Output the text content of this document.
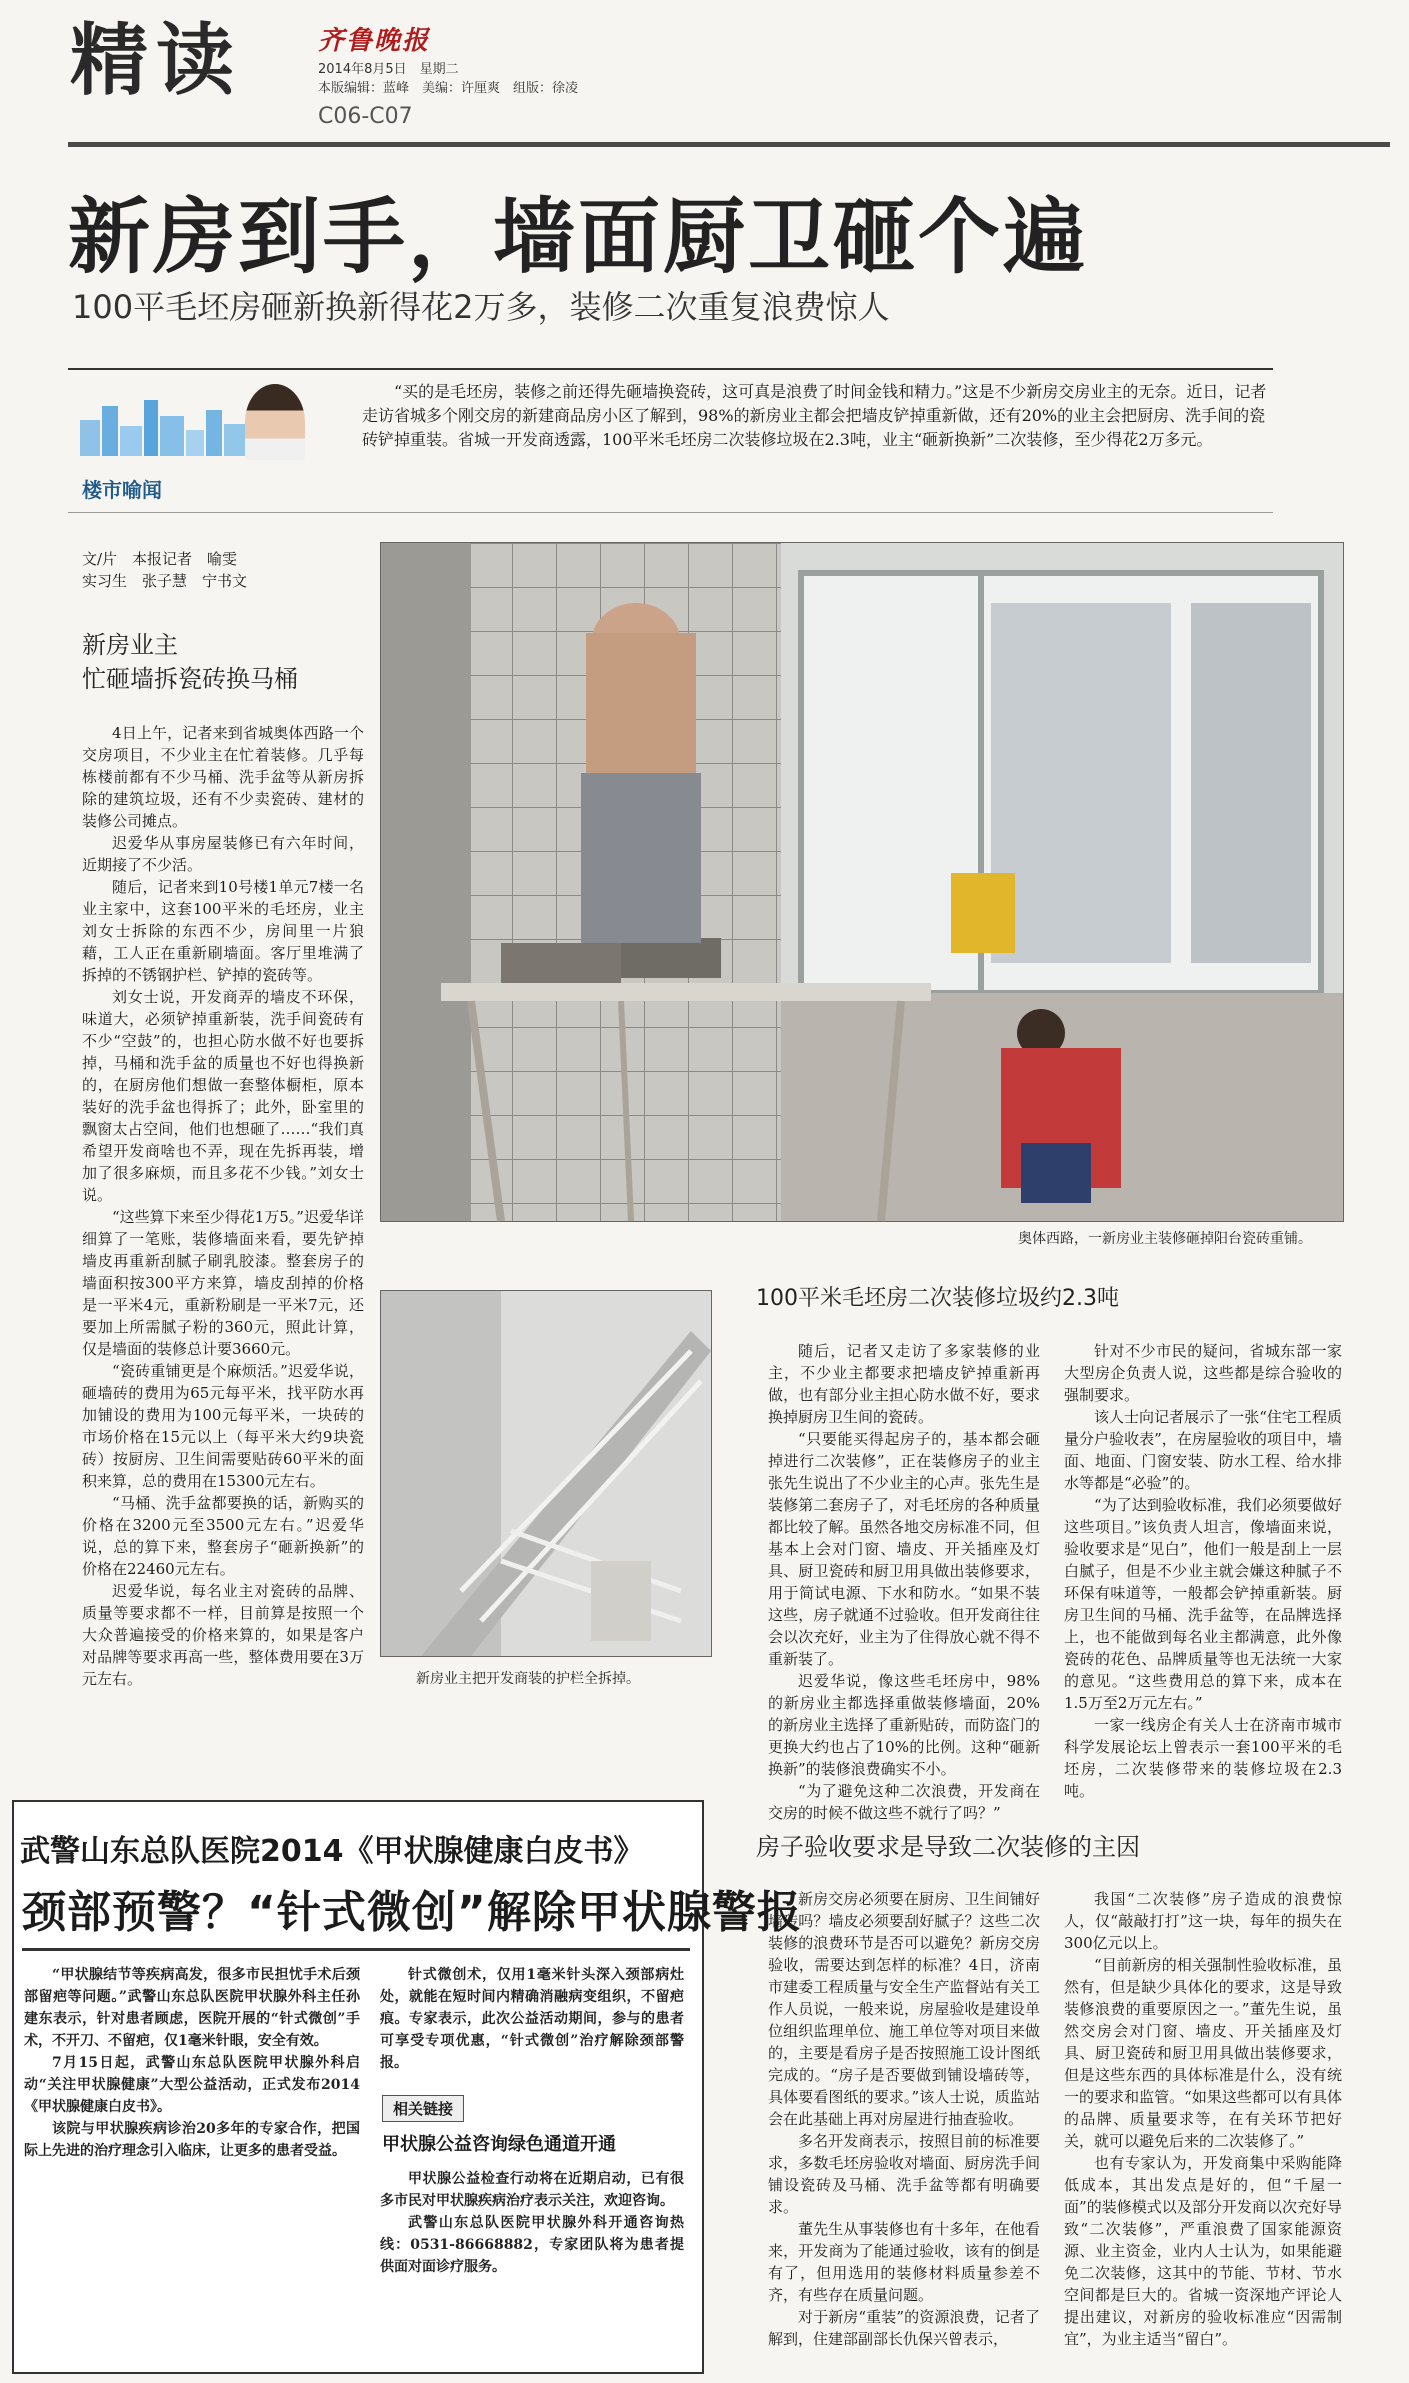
精读	齐鲁晚报
2014年8月5日　星期二
本版编辑：蓝峰　美编：许厘爽　组版：徐凌
C06-C07
新房到手，墙面厨卫砸个遍
100平毛坯房砸新换新得花2万多，装修二次重复浪费惊人
“买的是毛坯房，装修之前还得先砸墙换瓷砖，这可真是浪费了时间金钱和精力。”这是不少新房交房业主的无奈。近日，记者走访省城多个刚交房的新建商品房小区了解到，98%的新房业主都会把墙皮铲掉重新做，还有20%的业主会把厨房、洗手间的瓷砖铲掉重装。省城一开发商透露，100平米毛坯房二次装修垃圾在2.3吨，业主“砸新换新”二次装修，至少得花2万多元。
楼市喻闻
文/片　本报记者　喻雯
实习生　张子慧　宁书文
新房业主
忙砸墙拆瓷砖换马桶

4日上午，记者来到省城奥体西路一个交房项目，不少业主在忙着装修。几乎每栋楼前都有不少马桶、洗手盆等从新房拆除的建筑垃圾，还有不少卖瓷砖、建材的装修公司摊点。

迟爱华从事房屋装修已有六年时间，近期接了不少活。

随后，记者来到10号楼1单元7楼一名业主家中，这套100平米的毛坯房，业主刘女士拆除的东西不少，房间里一片狼藉，工人正在重新刷墙面。客厅里堆满了拆掉的不锈钢护栏、铲掉的瓷砖等。

刘女士说，开发商弄的墙皮不环保，味道大，必须铲掉重新装，洗手间瓷砖有不少“空鼓”的，也担心防水做不好也要拆掉，马桶和洗手盆的质量也不好也得换新的，在厨房他们想做一套整体橱柜，原本装好的洗手盆也得拆了；此外，卧室里的飘窗太占空间，他们也想砸了……“我们真希望开发商啥也不弄，现在先拆再装，增加了很多麻烦，而且多花不少钱。”刘女士说。

“这些算下来至少得花1万5。”迟爱华详细算了一笔账，装修墙面来看，要先铲掉墙皮再重新刮腻子刷乳胶漆。整套房子的墙面积按300平方来算，墙皮刮掉的价格是一平米4元，重新粉刷是一平米7元，还要加上所需腻子粉的360元，照此计算，仅是墙面的装修总计要3660元。

“瓷砖重铺更是个麻烦活。”迟爱华说，砸墙砖的费用为65元每平米，找平防水再加铺设的费用为100元每平米，一块砖的市场价格在15元以上（每平米大约9块瓷砖）按厨房、卫生间需要贴砖60平米的面积来算，总的费用在15300元左右。

“马桶、洗手盆都要换的话，新购买的价格在3200元至3500元左右。”迟爱华说，总的算下来，整套房子“砸新换新”的价格在22460元左右。

迟爱华说，每名业主对瓷砖的品牌、质量等要求都不一样，目前算是按照一个大众普遍接受的价格来算的，如果是客户对品牌等要求再高一些，整体费用要在3万元左右。

奥体西路，一新房业主装修砸掉阳台瓷砖重铺。
新房业主把开发商装的护栏全拆掉。
100平米毛坯房二次装修垃圾约2.3吨

随后，记者又走访了多家装修的业主，不少业主都要求把墙皮铲掉重新再做，也有部分业主担心防水做不好，要求换掉厨房卫生间的瓷砖。

“只要能买得起房子的，基本都会砸掉进行二次装修”，正在装修房子的业主张先生说出了不少业主的心声。张先生是装修第二套房子了，对毛坯房的各种质量都比较了解。虽然各地交房标准不同，但基本上会对门窗、墙皮、开关插座及灯具、厨卫瓷砖和厨卫用具做出装修要求，用于简试电源、下水和防水。“如果不装这些，房子就通不过验收。但开发商往往会以次充好，业主为了住得放心就不得不重新装了。

迟爱华说，像这些毛坯房中，98%的新房业主都选择重做装修墙面，20%的新房业主选择了重新贴砖，而防盗门的更换大约也占了10%的比例。这种“砸新换新”的装修浪费确实不小。

“为了避免这种二次浪费，开发商在交房的时候不做这些不就行了吗？”

针对不少市民的疑问，省城东部一家大型房企负责人说，这些都是综合验收的强制要求。

该人士向记者展示了一张“住宅工程质量分户验收表”，在房屋验收的项目中，墙面、地面、门窗安装、防水工程、给水排水等都是“必验”的。

“为了达到验收标准，我们必须要做好这些项目。”该负责人坦言，像墙面来说，验收要求是“见白”，他们一般是刮上一层白腻子，但是不少业主就会嫌这种腻子不环保有味道等，一般都会铲掉重新装。厨房卫生间的马桶、洗手盆等，在品牌选择上，也不能做到每名业主都满意，此外像瓷砖的花色、品牌质量等也无法统一大家的意见。“这些费用总的算下来，成本在1.5万至2万元左右。”

一家一线房企有关人士在济南市城市科学发展论坛上曾表示一套100平米的毛坯房，二次装修带来的装修垃圾在2.3吨。

房子验收要求是导致二次装修的主因

新房交房必须要在厨房、卫生间铺好墙砖吗？墙皮必须要刮好腻子？这些二次装修的浪费环节是否可以避免？新房交房验收，需要达到怎样的标准？4日，济南市建委工程质量与安全生产监督站有关工作人员说，一般来说，房屋验收是建设单位组织监理单位、施工单位等对项目来做的，主要是看房子是否按照施工设计图纸完成的。“房子是否要做到铺设墙砖等，具体要看图纸的要求。”该人士说，质监站会在此基础上再对房屋进行抽查验收。

多名开发商表示，按照目前的标准要求，多数毛坯房验收对墙面、厨房洗手间铺设瓷砖及马桶、洗手盆等都有明确要求。

董先生从事装修也有十多年，在他看来，开发商为了能通过验收，该有的倒是有了，但用选用的装修材料质量参差不齐，有些存在质量问题。

对于新房“重装”的资源浪费，记者了解到，住建部副部长仇保兴曾表示，

我国“二次装修”房子造成的浪费惊人，仅“敲敲打打”这一块，每年的损失在300亿元以上。

“目前新房的相关强制性验收标准，虽然有，但是缺少具体化的要求，这是导致装修浪费的重要原因之一。”董先生说，虽然交房会对门窗、墙皮、开关插座及灯具、厨卫瓷砖和厨卫用具做出装修要求，但是这些东西的具体标准是什么，没有统一的要求和监管。“如果这些都可以有具体的品牌、质量要求等，在有关环节把好关，就可以避免后来的二次装修了。”

也有专家认为，开发商集中采购能降低成本，其出发点是好的，但“千屋一面”的装修模式以及部分开发商以次充好导致“二次装修”，严重浪费了国家能源资源、业主资金，业内人士认为，如果能避免二次装修，这其中的节能、节材、节水空间都是巨大的。省城一资深地产评论人提出建议，对新房的验收标准应“因需制宜”，为业主适当“留白”。

武警山东总队医院2014《甲状腺健康白皮书》
颈部预警？“针式微创”解除甲状腺警报

“甲状腺结节等疾病高发，很多市民担忧手术后颈部留疤等问题。”武警山东总队医院甲状腺外科主任孙建东表示，针对患者顾虑，医院开展的“针式微创”手术，不开刀、不留疤，仅1毫米针眼，安全有效。

7月15日起，武警山东总队医院甲状腺外科启动“关注甲状腺健康”大型公益活动，正式发布2014《甲状腺健康白皮书》。

该院与甲状腺疾病诊治20多年的专家合作，把国际上先进的治疗理念引入临床，让更多的患者受益。

针式微创术，仅用1毫米针头深入颈部病灶处，就能在短时间内精确消融病变组织，不留疤痕。专家表示，此次公益活动期间，参与的患者可享受专项优惠，“针式微创”治疗解除颈部警报。

相关链接
甲状腺公益咨询绿色通道开通

甲状腺公益检查行动将在近期启动，已有很多市民对甲状腺疾病治疗表示关注，欢迎咨询。

武警山东总队医院甲状腺外科开通咨询热线：0531-86668882，专家团队将为患者提供面对面诊疗服务。
